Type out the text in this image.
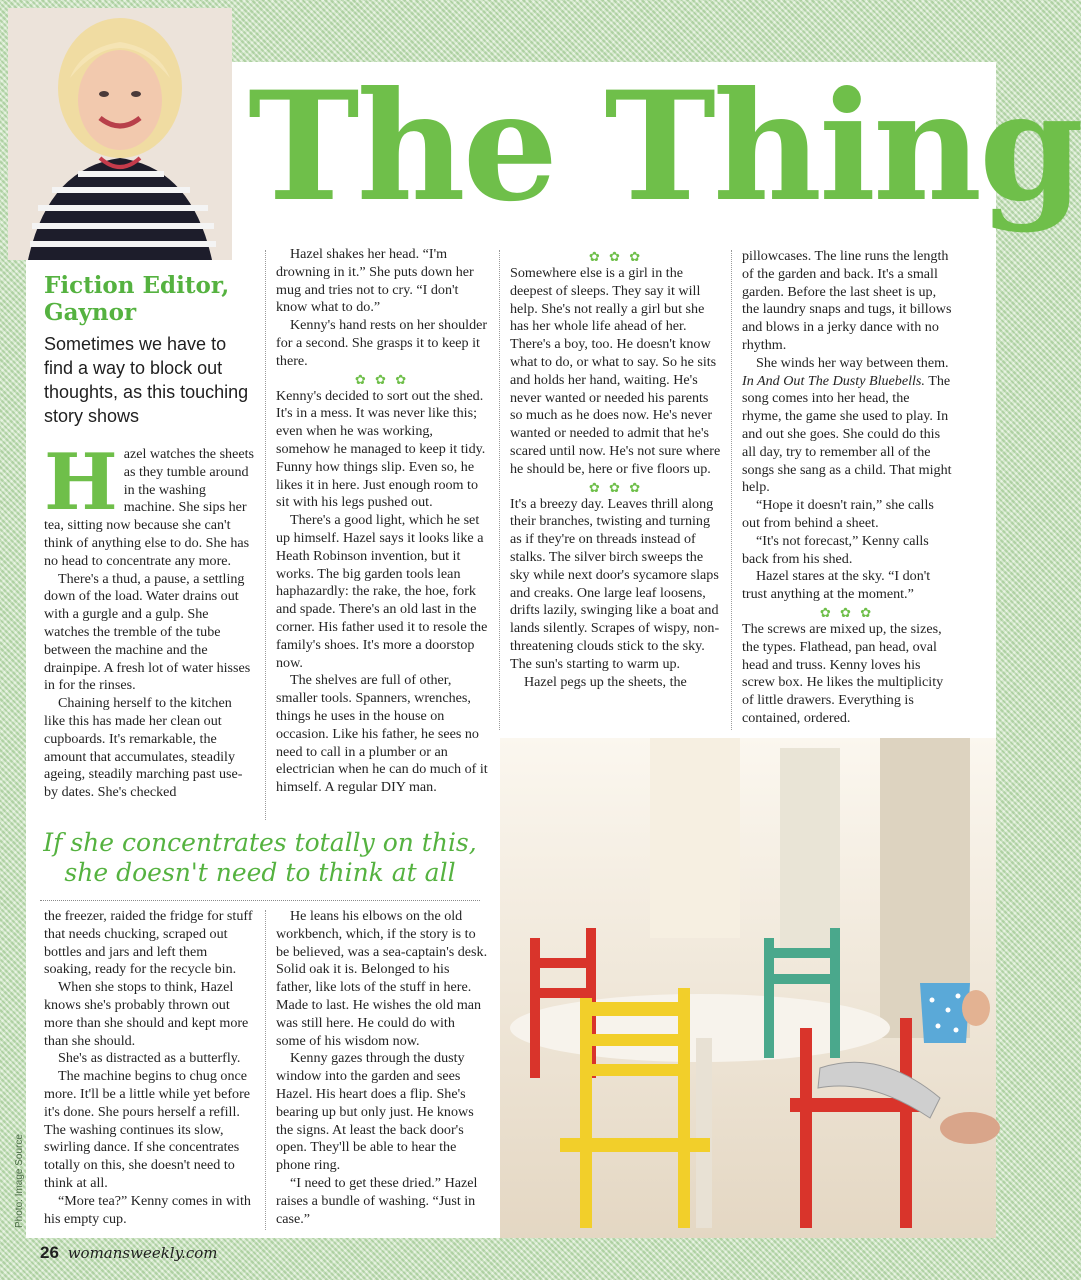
The Thing
Fiction Editor,
Gaynor

Sometimes we have to find a way to block out thoughts, as this touching story shows

Hazel watches the sheets as they tumble around in the washing machine. She sips her tea, sitting now because she can't think of anything else to do. She has no head to concentrate any more.

There's a thud, a pause, a settling down of the load. Water drains out with a gurgle and a gulp. She watches the tremble of the tube between the machine and the drainpipe. A fresh lot of water hisses in for the rinses.

Chaining herself to the kitchen like this has made her clean out cupboards. It's remarkable, the amount that accumulates, steadily ageing, steadily marching past use-by dates. She's checked

Hazel shakes her head. “I'm drowning in it.” She puts down her mug and tries not to cry. “I don't know what to do.”

Kenny's hand rests on her shoulder for a second. She grasps it to keep it there.

✿ ✿ ✿

Kenny's decided to sort out the shed. It's in a mess. It was never like this; even when he was working, somehow he managed to keep it tidy. Funny how things slip. Even so, he likes it in here. Just enough room to sit with his legs pushed out.

There's a good light, which he set up himself. Hazel says it looks like a Heath Robinson invention, but it works. The big garden tools lean haphazardly: the rake, the hoe, fork and spade. There's an old last in the corner. His father used it to resole the family's shoes. It's more a doorstop now.

The shelves are full of other, smaller tools. Spanners, wrenches, things he uses in the house on occasion. Like his father, he sees no need to call in a plumber or an electrician when he can do much of it himself. A regular DIY man.

✿ ✿ ✿

Somewhere else is a girl in the deepest of sleeps. They say it will help. She's not really a girl but she has her whole life ahead of her. There's a boy, too. He doesn't know what to do, or what to say. So he sits and holds her hand, waiting. He's never wanted or needed his parents so much as he does now. He's never wanted or needed to admit that he's scared until now. He's not sure where he should be, here or five floors up.

✿ ✿ ✿

It's a breezy day. Leaves thrill along their branches, twisting and turning as if they're on threads instead of stalks. The silver birch sweeps the sky while next door's sycamore slaps and creaks. One large leaf loosens, drifts lazily, swinging like a boat and lands silently. Scrapes of wispy, non-threatening clouds stick to the sky. The sun's starting to warm up.

Hazel pegs up the sheets, the

pillowcases. The line runs the length of the garden and back. It's a small garden. Before the last sheet is up, the laundry snaps and tugs, it billows and blows in a jerky dance with no rhythm.

She winds her way between them. In And Out The Dusty Bluebells. The song comes into her head, the rhyme, the game she used to play. In and out she goes. She could do this all day, try to remember all of the songs she sang as a child. That might help.

“Hope it doesn't rain,” she calls out from behind a sheet.

“It's not forecast,” Kenny calls back from his shed.

Hazel stares at the sky. “I don't trust anything at the moment.”

✿ ✿ ✿

The screws are mixed up, the sizes, the types. Flathead, pan head, oval head and truss. Kenny loves his screw box. He likes the multiplicity of little drawers. Everything is contained, ordered.

If she concentrates totally on this,
she doesn't need to think at all

the freezer, raided the fridge for stuff that needs chucking, scraped out bottles and jars and left them soaking, ready for the recycle bin.

When she stops to think, Hazel knows she's probably thrown out more than she should and kept more than she should.

She's as distracted as a butterfly.

The machine begins to chug once more. It'll be a little while yet before it's done. She pours herself a refill. The washing continues its slow, swirling dance. If she concentrates totally on this, she doesn't need to think at all.

“More tea?” Kenny comes in with his empty cup.

He leans his elbows on the old workbench, which, if the story is to be believed, was a sea-captain's desk. Solid oak it is. Belonged to his father, like lots of the stuff in here. Made to last. He wishes the old man was still here. He could do with some of his wisdom now.

Kenny gazes through the dusty window into the garden and sees Hazel. His heart does a flip. She's bearing up but only just. He knows the signs. At least the back door's open. They'll be able to hear the phone ring.

“I need to get these dried.” Hazel raises a bundle of washing. “Just in case.”

26 womansweekly.com
Photo: Image Source
